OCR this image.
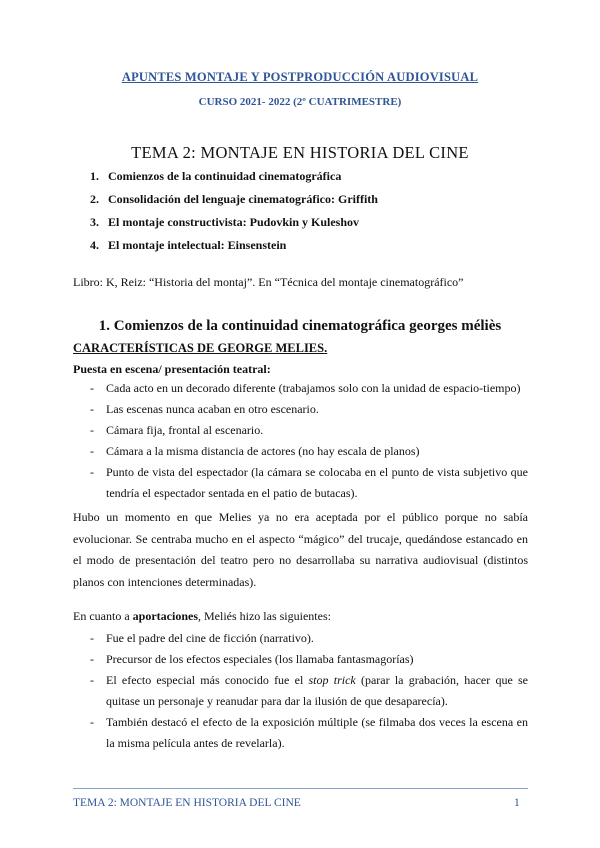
APUNTES MONTAJE Y POSTPRODUCCIÓN AUDIOVISUAL
CURSO 2021- 2022 (2º CUATRIMESTRE)
TEMA 2: MONTAJE EN HISTORIA DEL CINE
1. Comienzos de la continuidad cinematográfica
2. Consolidación del lenguaje cinematográfico: Griffith
3. El montaje constructivista: Pudovkin y Kuleshov
4. El montaje intelectual: Einsenstein
Libro: K, Reiz: “Historia del montaj”. En “Técnica del montaje cinematográfico”
1. Comienzos de la continuidad cinematográfica georges méliès
CARACTERÍSTICAS DE GEORGE MELIES.
Puesta en escena/ presentación teatral:
- Cada acto en un decorado diferente (trabajamos solo con la unidad de espacio-tiempo)
- Las escenas nunca acaban en otro escenario.
- Cámara fija, frontal al escenario.
- Cámara a la misma distancia de actores (no hay escala de planos)
- Punto de vista del espectador (la cámara se colocaba en el punto de vista subjetivo que tendría el espectador sentada en el patio de butacas).
Hubo un momento en que Melies ya no era aceptada por el público porque no sabía evolucionar. Se centraba mucho en el aspecto “mágico” del trucaje, quedándose estancado en el modo de presentación del teatro pero no desarrollaba su narrativa audiovisual (distintos planos con intenciones determinadas).
En cuanto a aportaciones, Meliés hizo las siguientes:
- Fue el padre del cine de ficción (narrativo).
- Precursor de los efectos especiales (los llamaba fantasmagorías)
- El efecto especial más conocido fue el stop trick (parar la grabación, hacer que se quitase un personaje y reanudar para dar la ilusión de que desaparecía).
- También destacó el efecto de la exposición múltiple (se filmaba dos veces la escena en la misma película antes de revelarla).
TEMA 2: MONTAJE EN HISTORIA DEL CINE	1
